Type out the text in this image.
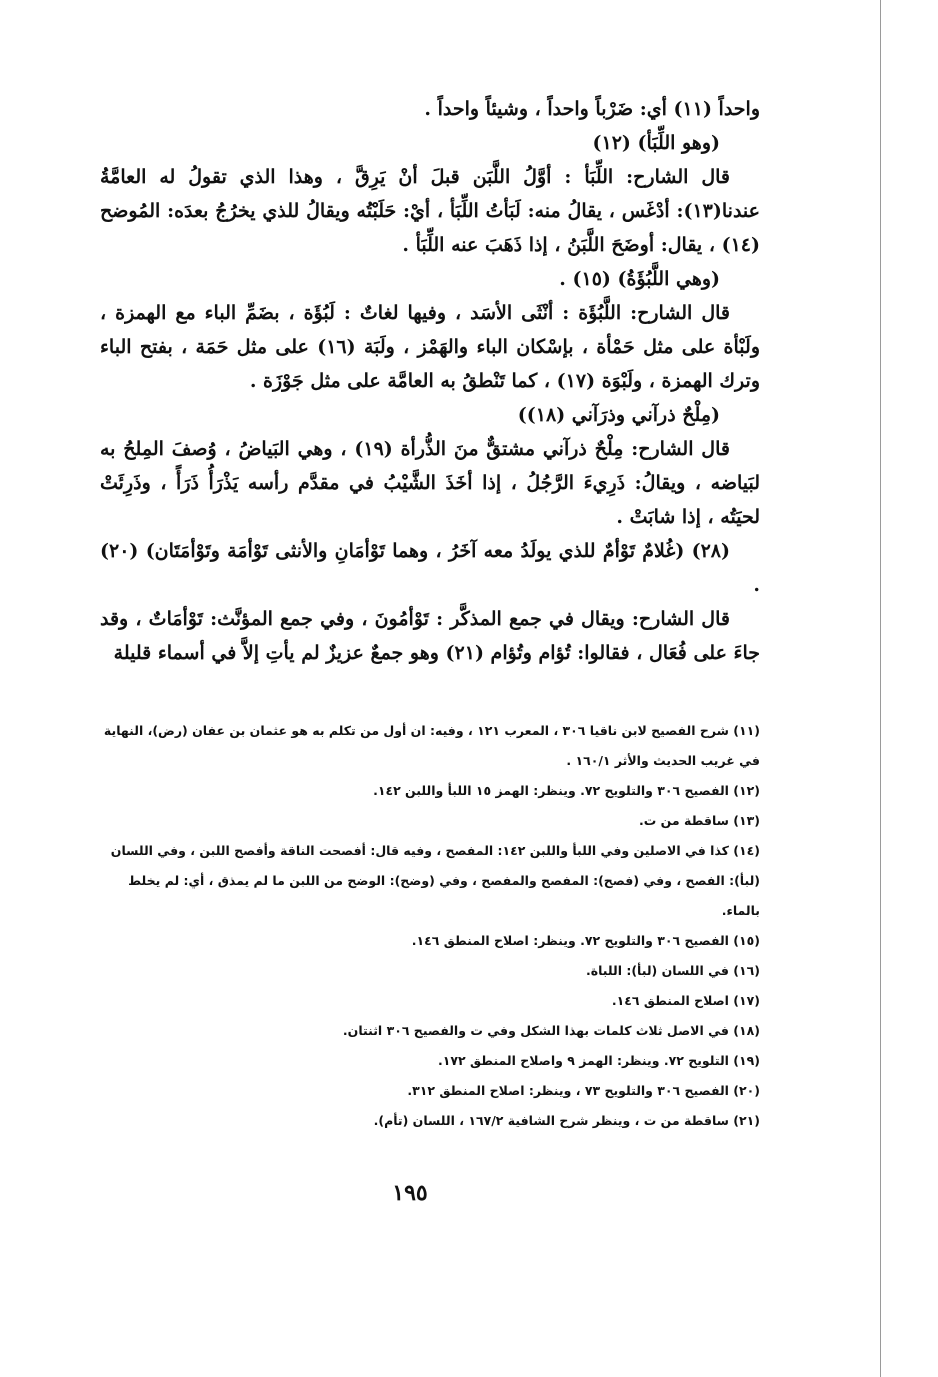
واحداً (١١) أي: ضَرْباً واحداً ، وشيئاً واحداً .

(وهو اللِّبَأ) (١٢)

قال الشارح: اللِّبَأ : أوَّلُ اللَّبَن قبلَ أنْ يَرِقَّ ، وهذا الذي تقولُ له العامَّةُ عندنا(١٣): أدْغَس ، يقالُ منه: لَبَأتُ اللِّبَأ ، أيْ: حَلَبْتُه ويقالُ للذي يخرُجُ بعدَه: المُوضح (١٤) ، يقال: أوضَحَ اللَّبَنُ ، إذا ذَهَبَ عنه اللِّبَأ .

(وهي اللَّبُؤَةُ) (١٥) .

قال الشارح: اللَّبُؤَة : أنْثَى الأسَد ، وفيها لغاتٌ : لَبُؤَة ، بضَمِّ الباء مع الهمزة ، ولَبْأة على مثل حَمْأة ، بإسْكان الباء والهَمْز ، ولَبَة (١٦) على مثل حَمَة ، بفتح الباء وترك الهمزة ، ولَبْوَة (١٧) ، كما تَنْطقُ به العامَّة على مثل جَوْزَة .

(مِلْحٌ ذرآني وذرَآني (١٨))

قال الشارح: مِلْحٌ ذرآني مشتقٌّ منَ الذُّرأة (١٩) ، وهي البَياضُ ، وُصفَ المِلحُ به لبَياضه ، ويقالُ: ذَرِيءَ الرَّجُلُ ، إذا أخَذَ الشَّيْبُ في مقدَّم رأسه يَذْرَأُ ذَرَأً ، وذَرِئَتْ لحيَتُه ، إذا شابَتْ .

(٢٨) (غُلامٌ تَوْأمٌ للذي يولَدُ معه آخَرُ ، وهما تَوْأمَانِ والأنثى تَوْأمَة وتَوْأمَتَان) (٢٠) .

قال الشارح: ويقال في جمع المذكَّر : تَوْأمُونَ ، وفي جمع المؤنَّث: تَوْأمَاتٌ ، وقد جاءَ على فُعَال ، فقالوا: تُؤام وتُؤام (٢١) وهو جمعٌ عزيزٌ لم يأتِ إلاَّ في أسماء قليلة

(١١) شرح الفصيح لابن ناقيا ٣٠٦ ، المعرب ١٢١ ، وفيه: ان أول من تكلم به هو عثمان بن عفان (رض)، النهاية في غريب الحديث والأثر ١٦٠/١ .

(١٢) الفصيح ٣٠٦ والتلويح ٧٢. وينظر: الهمز ١٥ اللبأ واللبن ١٤٢.

(١٣) ساقطة من ت.

(١٤) كذا في الاصلين وفي اللبأ واللبن ١٤٢: المفصح ، وفيه قال: أفصحت الناقة وأفصح اللبن ، وفي اللسان (لبأ): الفصح ، وفي (فصح): المفصح والمفصح ، وفي (وضح): الوضح من اللبن ما لم يمذق ، أي: لم يخلط بالماء.

(١٥) الفصيح ٣٠٦ والتلويح ٧٢. وينظر: اصلاح المنطق ١٤٦.

(١٦) في اللسان (لبأ): اللباة.

(١٧) اصلاح المنطق ١٤٦.

(١٨) في الاصل ثلاث كلمات بهذا الشكل وفي ت والفصيح ٣٠٦ اثنتان.

(١٩) التلويح ٧٢. وينظر: الهمز ٩ واصلاح المنطق ١٧٢.

(٢٠) الفصيح ٣٠٦ والتلويح ٧٣ ، وينظر: اصلاح المنطق ٣١٢.

(٢١) ساقطة من ت ، وينظر شرح الشافية ١٦٧/٢ ، اللسان (تأم).

١٩٥
